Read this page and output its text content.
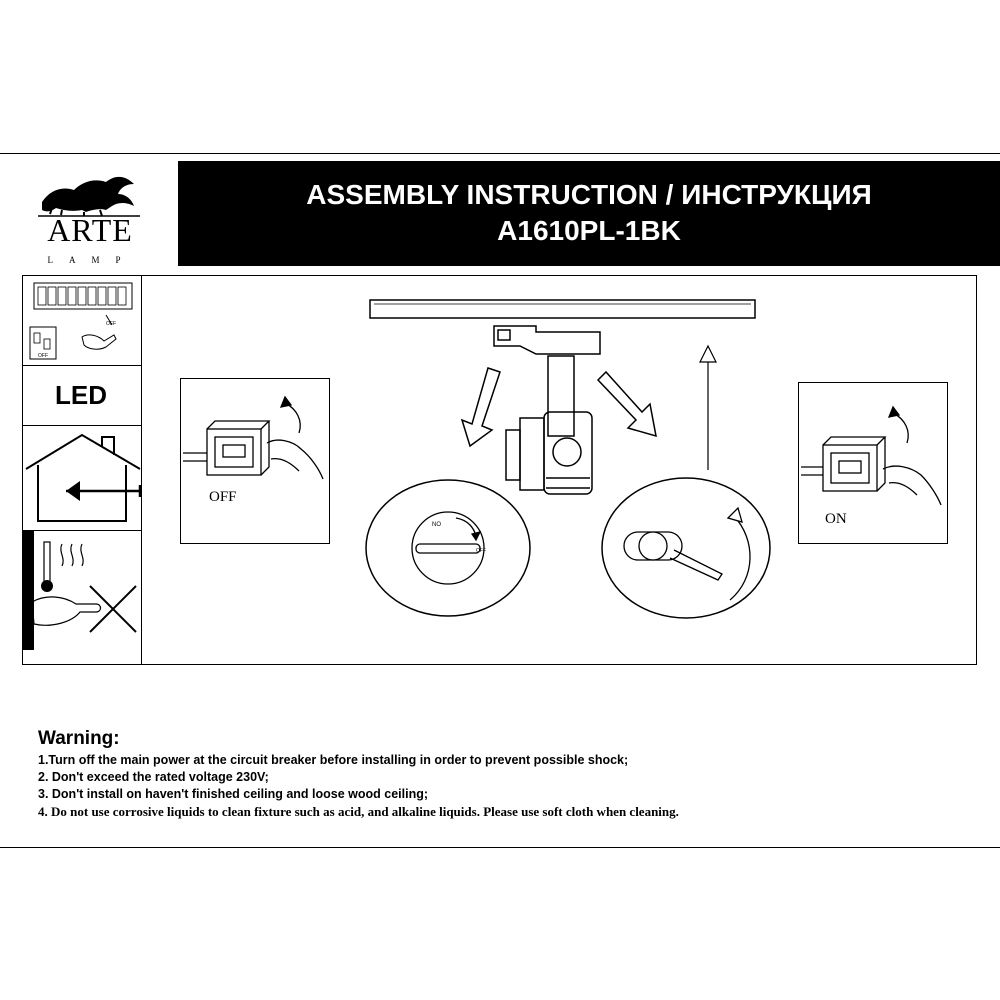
ARTE
LAMP
ASSEMBLY INSTRUCTION / ИНСТРУКЦИЯ
A1610PL-1BK
OFF
OFF
LED
NO
OFF
OFF
ON
Warning:
1.Turn off the main power at the circuit breaker before installing in order to prevent possible shock;
2. Don't exceed the rated voltage 230V;
3. Don't install on haven't finished ceiling and loose wood ceiling;
4. Do not use corrosive liquids to clean fixture such as acid, and alkaline liquids. Please use soft cloth when cleaning.
